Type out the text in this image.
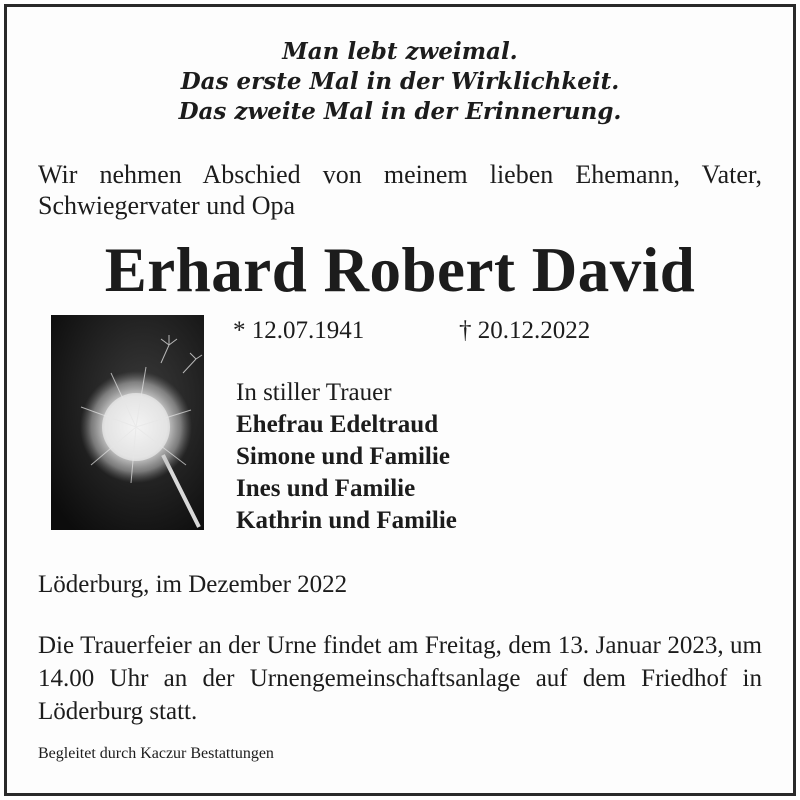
Man lebt zweimal.
Das erste Mal in der Wirklichkeit.
Das zweite Mal in der Erinnerung.
Wir nehmen Abschied von meinem lieben Ehemann, Vater, Schwiegervater und Opa
Erhard Robert David
* 12.07.1941	† 20.12.2022
In stiller Trauer
Ehefrau Edeltraud
Simone und Familie
Ines und Familie
Kathrin und Familie
Löderburg, im Dezember 2022
Die Trauerfeier an der Urne findet am Freitag, dem 13. Januar 2023, um 14.00 Uhr an der Urnengemeinschaftsanlage auf dem Friedhof in Löderburg statt.
Begleitet durch Kaczur Bestattungen
